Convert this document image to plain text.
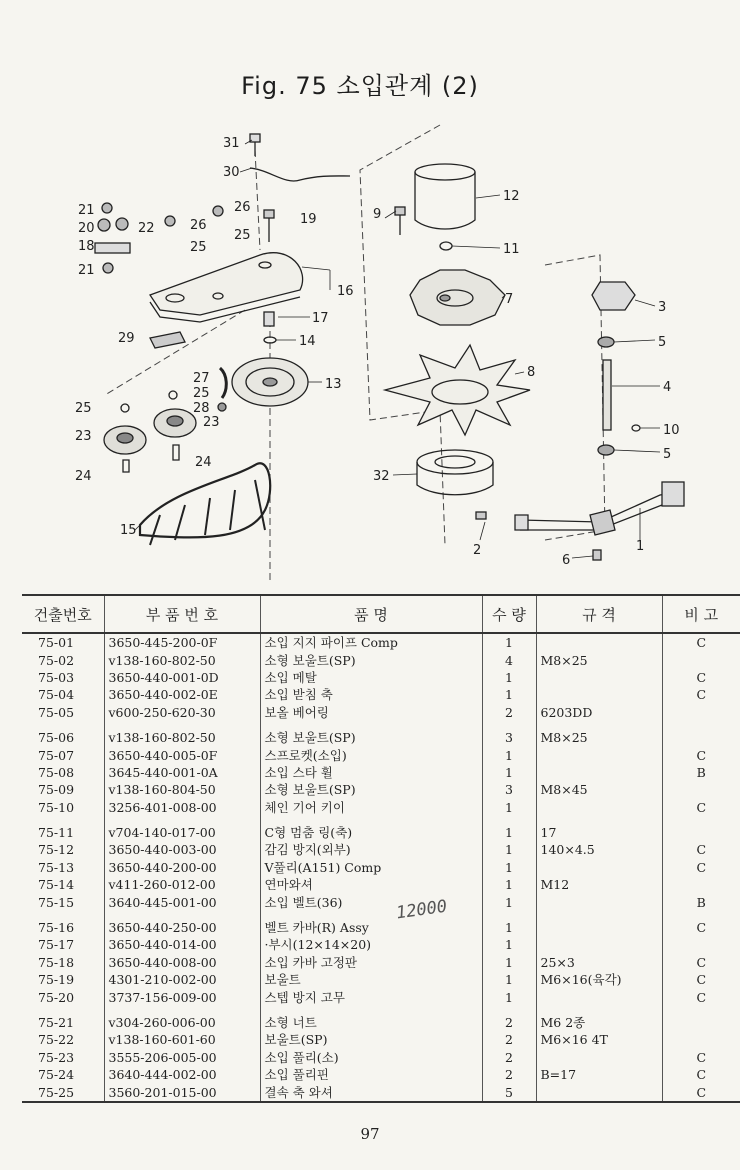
Fig. 75 소입관계 (2)
31
30
21	26
20	22	26
18	25
25
19
12
9
11
21
16
17
29
7
3
14	5
27	13
8
25
4
25
28
23
23
10
24
24
5
32
15
2	1
6
12000
건출번호	부 품 번 호	품 명	수 량	규 격	비 고
75-01	3650-445-200-0F	소입 지지 파이프 Comp	1		C
75-02	v138-160-802-50	소형 보울트(SP)	4	M8×25	
75-03	3650-440-001-0D	소입 메탈	1		C
75-04	3650-440-002-0E	소입 받침 축	1		C
75-05	v600-250-620-30	보올 베어링	2	6203DD	
75-06	v138-160-802-50	소형 보울트(SP)	3	M8×25	
75-07	3650-440-005-0F	스프로켓(소입)	1		C
75-08	3645-440-001-0A	소입 스타 휠	1		B
75-09	v138-160-804-50	소형 보울트(SP)	3	M8×45	
75-10	3256-401-008-00	체인 기어 키이	1		C
75-11	v704-140-017-00	C형 멈춤 링(축)	1	17	
75-12	3650-440-003-00	감김 방지(외부)	1	140×4.5	C
75-13	3650-440-200-00	V풀리(A151) Comp	1		C
75-14	v411-260-012-00	연마와셔	1	M12	
75-15	3640-445-001-00	소입 벨트(36)	1		B
75-16	3650-440-250-00	벨트 카바(R) Assy	1		C
75-17	3650-440-014-00	·부시(12×14×20)	1		
75-18	3650-440-008-00	소입 카바 고정판	1	25×3	C
75-19	4301-210-002-00	보울트	1	M6×16(육각)	C
75-20	3737-156-009-00	스텝 방지 고무	1		C
75-21	v304-260-006-00	소형 너트	2	M6 2종	
75-22	v138-160-601-60	보울트(SP)	2	M6×16 4T	
75-23	3555-206-005-00	소입 풀리(소)	2		C
75-24	3640-444-002-00	소입 풀리핀	2	B=17	C
75-25	3560-201-015-00	결속 축 와셔	5		C
97
